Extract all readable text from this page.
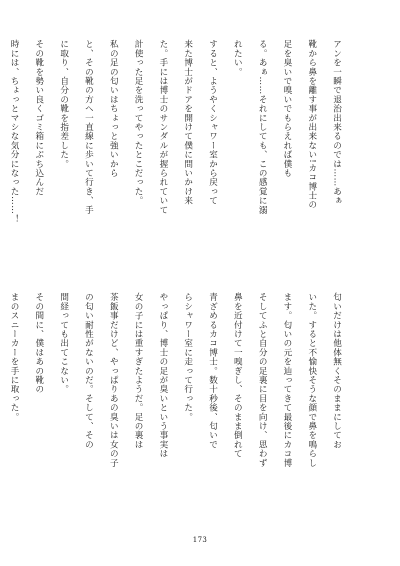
アンを一瞬で退治出来るのでは……あぁ

靴から鼻を離す事が出来ない!カコ博士の

足を臭いで嗅いでもらえれば僕も

る。あぁ……それにしても、この感覚に溺

れたい。

すると、ようやくシャワー室から戻って

来た博士がドアを開けて僕に問いかけ来

た。手には博士のサンダルが握られていて

計使った足を洗ってやったとこだった。

私の足の匂いはちょっと強いから

と、その靴の方へ一直線に歩いて行き、手

に取り、自分の靴を指差した。

その靴を勢い良くゴミ箱にぶち込んだ

時には、ちょっとマシな気分になった……！

匂いだけは他体無くそのままにしてお

いた。すると不愉快そうな顔で鼻を鳴らし

ます。匂いの元を辿ってきて最後にカコ博

そしてふと自分の足裏に目を向け、思わず

鼻を近付けて一嗅ぎし、そのまま倒れて

青ざめるカコ博士。数十秒後、匂いで

らシャワー室に走って行った。

やっぱり、博士の足が臭いという事実は

女の子には重すぎたようだ。足の裏は

茶飯事だけど、やっぱりあの臭いは女の子

の匂い耐性がないのだ。そして、その

間経っても出てこない。

その間に、僕はあの靴の

まのスニーカーを手に取った。

173
